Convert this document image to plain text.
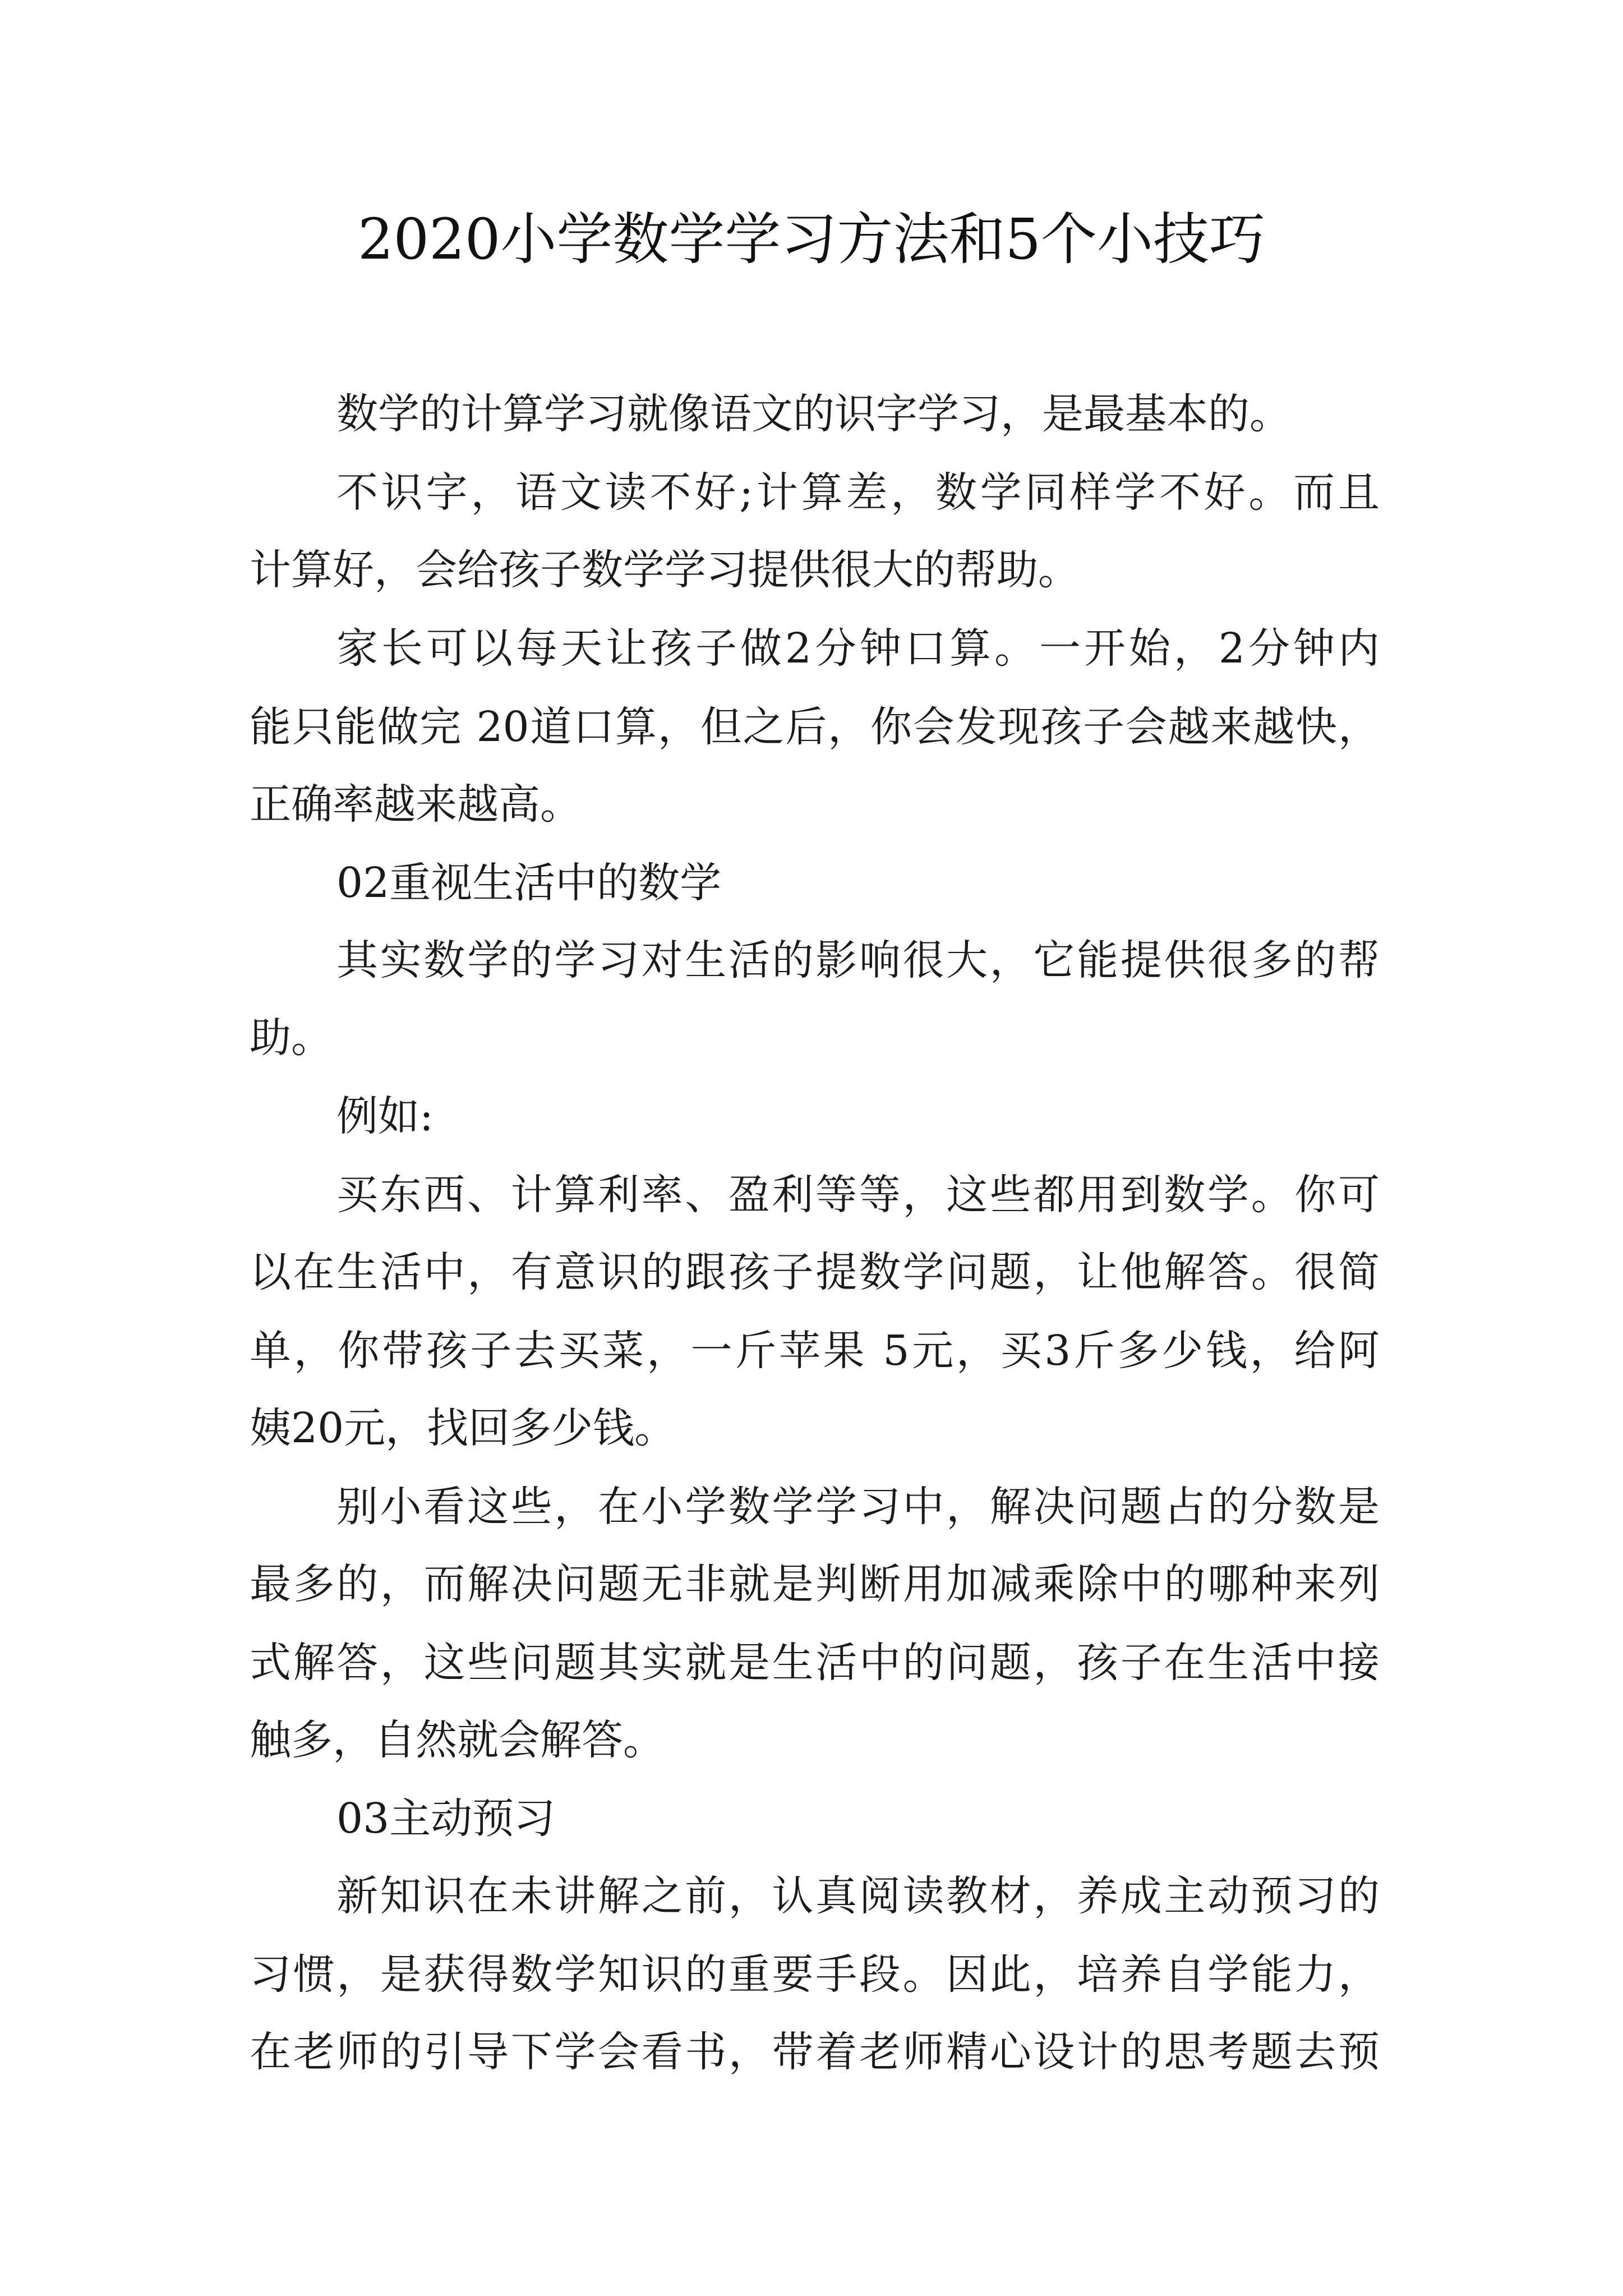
2020小学数学学习方法和5个小技巧
数学的计算学习就像语文的识字学习，是最基本的。
不识字，语文读不好;计算差，数学同样学不好。而且
计算好，会给孩子数学学习提供很大的帮助。
家长可以每天让孩子做2分钟口算。一开始，2分钟内
能只能做完 20道口算，但之后，你会发现孩子会越来越快，
正确率越来越高。
02重视生活中的数学
其实数学的学习对生活的影响很大，它能提供很多的帮
助。
例如:
买东西、计算利率、盈利等等，这些都用到数学。你可
以在生活中，有意识的跟孩子提数学问题，让他解答。很简
单，你带孩子去买菜，一斤苹果 5元，买3斤多少钱，给阿
姨20元，找回多少钱。
别小看这些，在小学数学学习中，解决问题占的分数是
最多的，而解决问题无非就是判断用加减乘除中的哪种来列
式解答，这些问题其实就是生活中的问题，孩子在生活中接
触多，自然就会解答。
03主动预习
新知识在未讲解之前，认真阅读教材，养成主动预习的
习惯，是获得数学知识的重要手段。因此，培养自学能力，
在老师的引导下学会看书，带着老师精心设计的思考题去预
